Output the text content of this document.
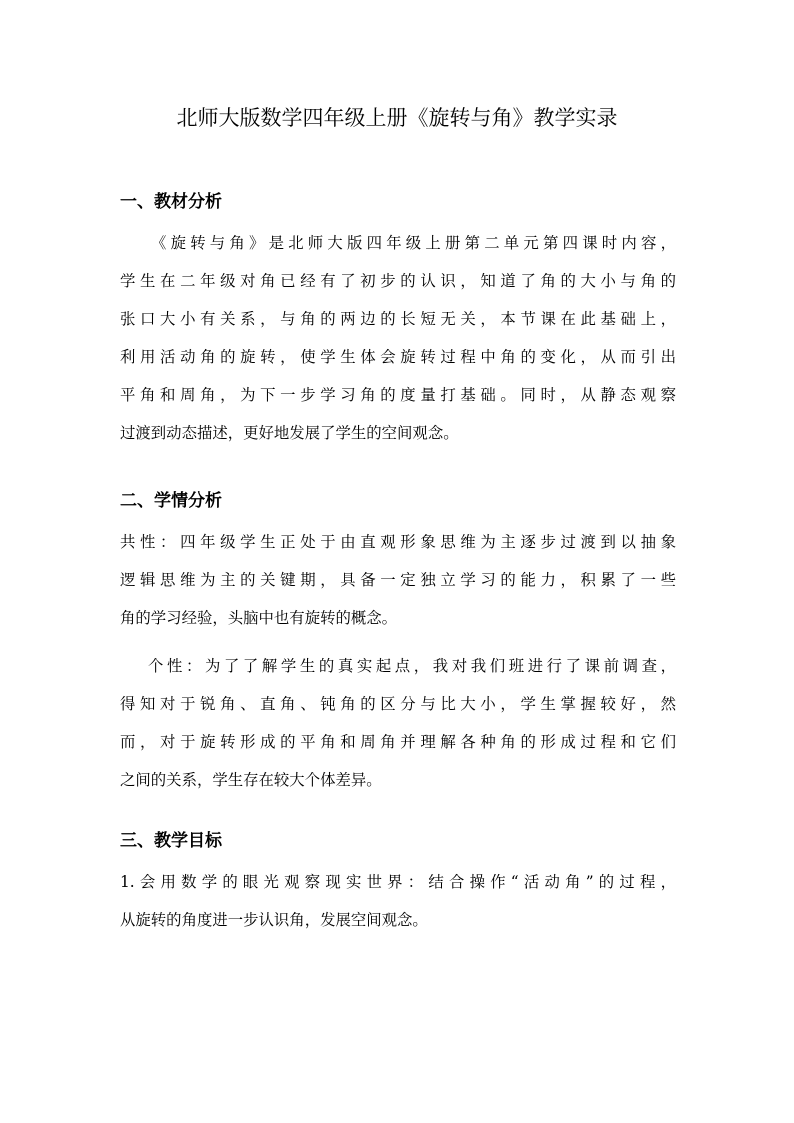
北师大版数学四年级上册《旋转与角》教学实录
一、教材分析

《旋转与角》是北师大版四年级上册第二单元第四课时内容，
学生在二年级对角已经有了初步的认识，知道了角的大小与角的
张口大小有关系，与角的两边的长短无关，本节课在此基础上，
利用活动角的旋转，使学生体会旋转过程中角的变化，从而引出
平角和周角，为下一步学习角的度量打基础。同时，从静态观察
过渡到动态描述，更好地发展了学生的空间观念。

二、学情分析

共性：四年级学生正处于由直观形象思维为主逐步过渡到以抽象
逻辑思维为主的关键期，具备一定独立学习的能力，积累了一些
角的学习经验，头脑中也有旋转的概念。

个性：为了了解学生的真实起点，我对我们班进行了课前调查，
得知对于锐角、直角、钝角的区分与比大小，学生掌握较好，然
而，对于旋转形成的平角和周角并理解各种角的形成过程和它们
之间的关系，学生存在较大个体差异。

三、教学目标

1.会用数学的眼光观察现实世界：结合操作“活动角”的过程，
从旋转的角度进一步认识角，发展空间观念。
